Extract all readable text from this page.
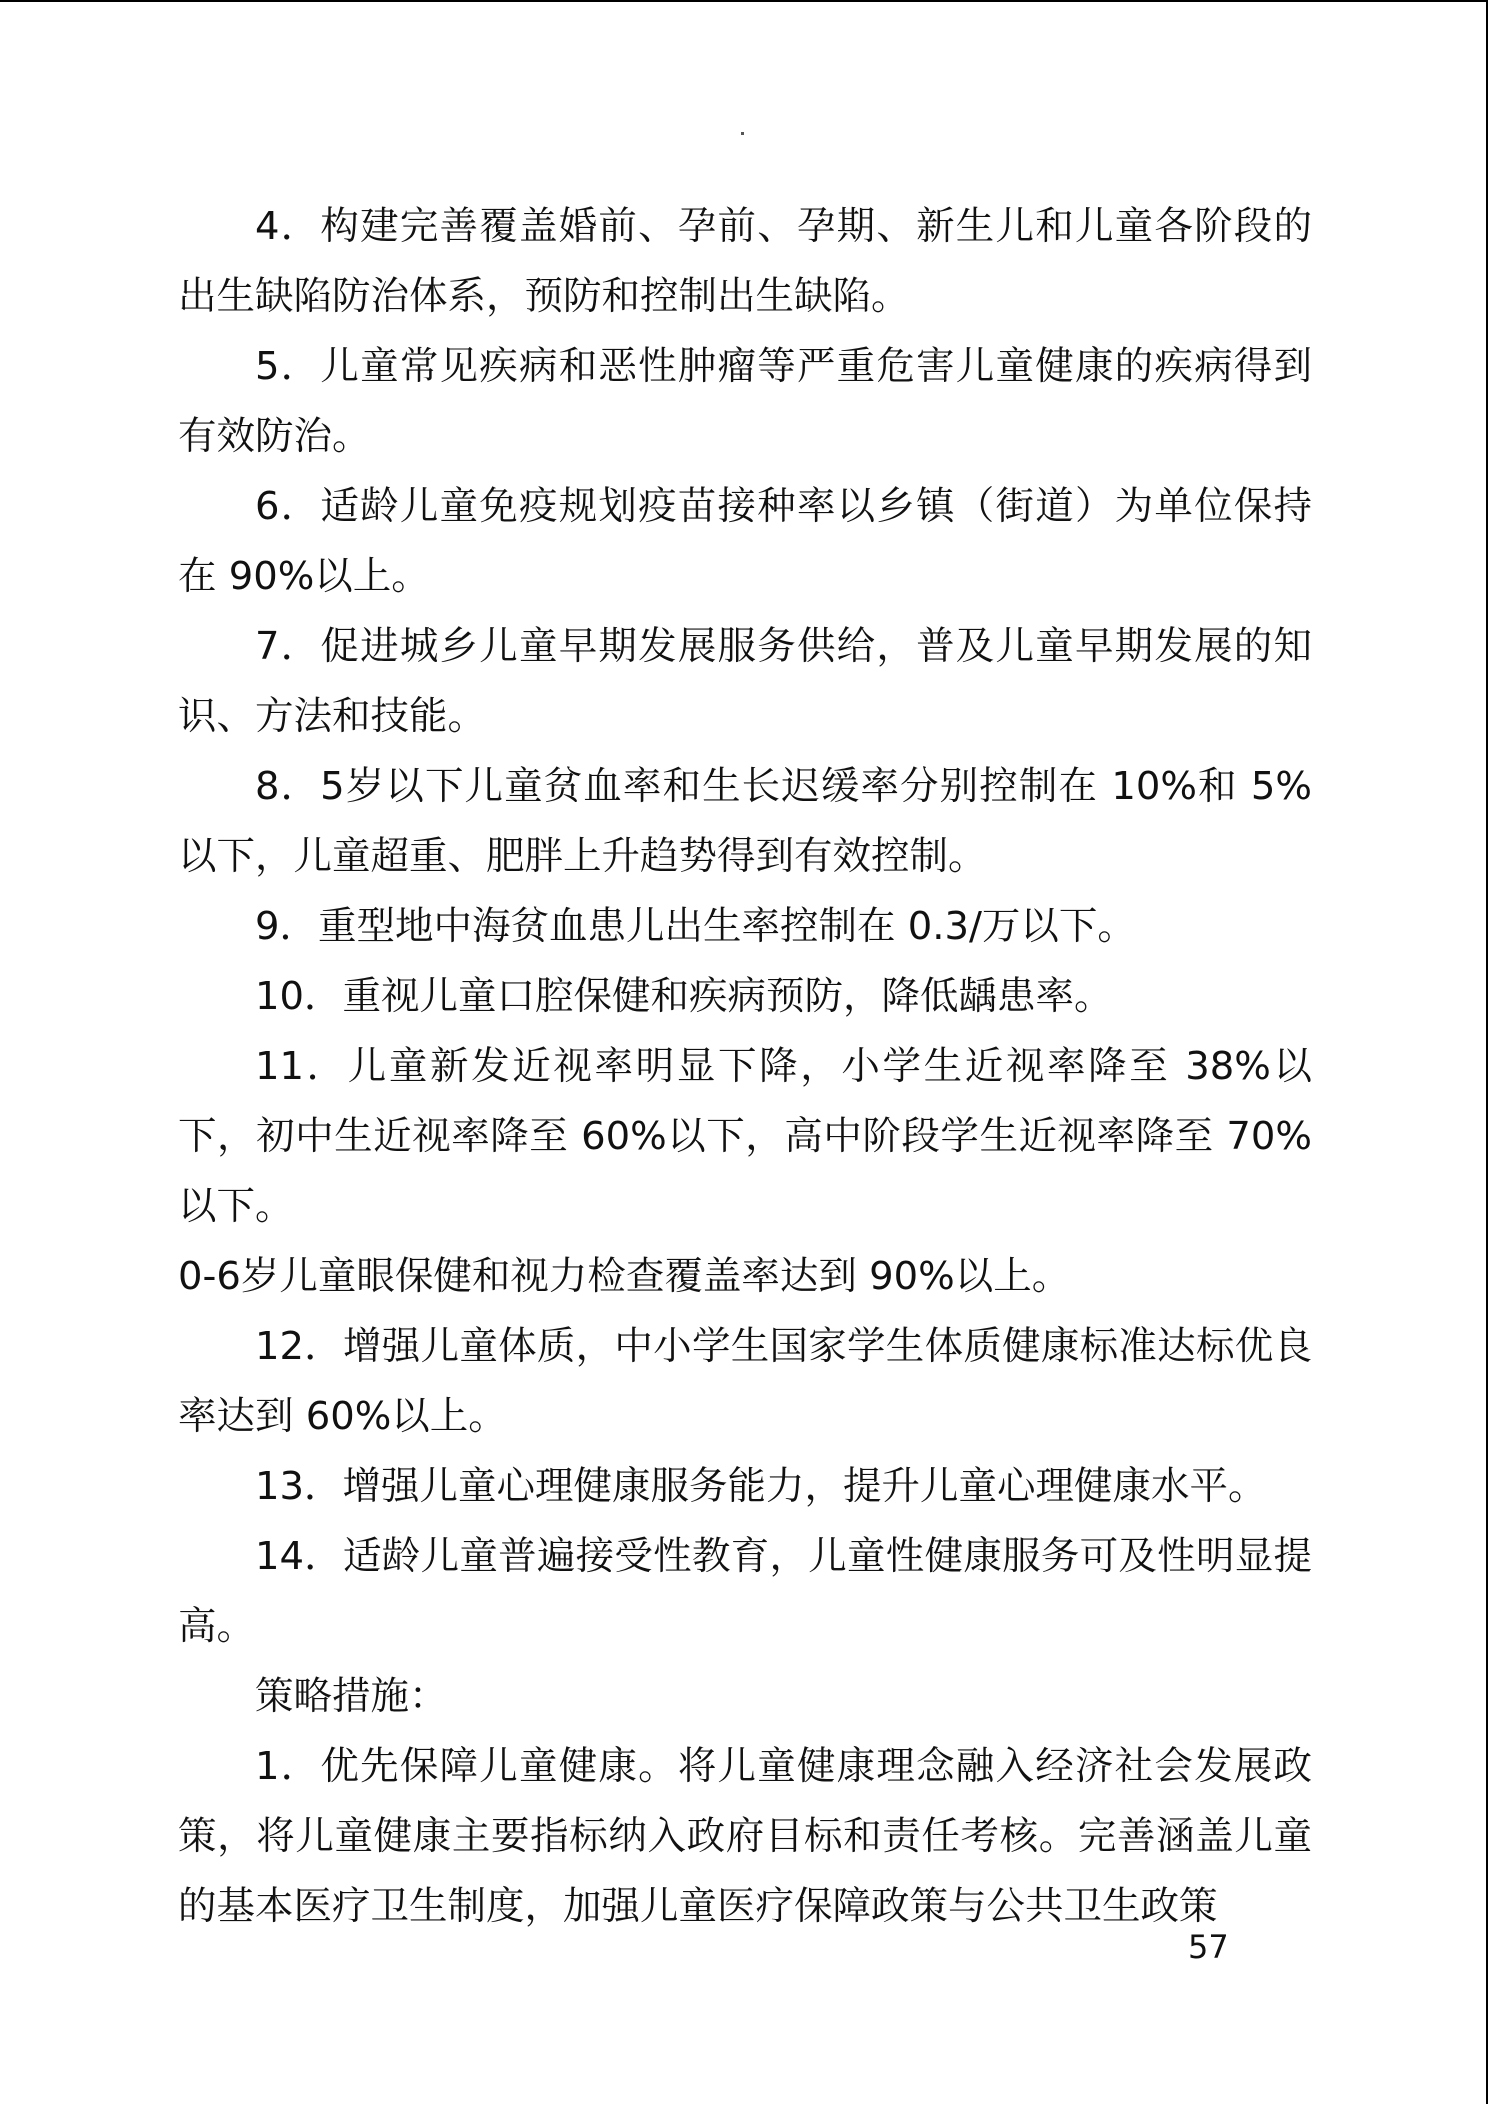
4．构建完善覆盖婚前、孕前、孕期、新生儿和儿童各阶段的出生缺陷防治体系，预防和控制出生缺陷。

5．儿童常见疾病和恶性肿瘤等严重危害儿童健康的疾病得到有效防治。

6．适龄儿童免疫规划疫苗接种率以乡镇（街道）为单位保持在 90%以上。

7．促进城乡儿童早期发展服务供给，普及儿童早期发展的知识、方法和技能。

8．5岁以下儿童贫血率和生长迟缓率分别控制在 10%和 5%以下，儿童超重、肥胖上升趋势得到有效控制。

9．重型地中海贫血患儿出生率控制在 0.3/万以下。

10．重视儿童口腔保健和疾病预防，降低龋患率。

11．儿童新发近视率明显下降，小学生近视率降至 38%以下，初中生近视率降至 60%以下，高中阶段学生近视率降至 70%以下。

0-6岁儿童眼保健和视力检查覆盖率达到 90%以上。

12．增强儿童体质，中小学生国家学生体质健康标准达标优良率达到 60%以上。

13．增强儿童心理健康服务能力，提升儿童心理健康水平。

14．适龄儿童普遍接受性教育，儿童性健康服务可及性明显提高。

策略措施：

1．优先保障儿童健康。将儿童健康理念融入经济社会发展政策，将儿童健康主要指标纳入政府目标和责任考核。完善涵盖儿童的基本医疗卫生制度，加强儿童医疗保障政策与公共卫生政策

57
